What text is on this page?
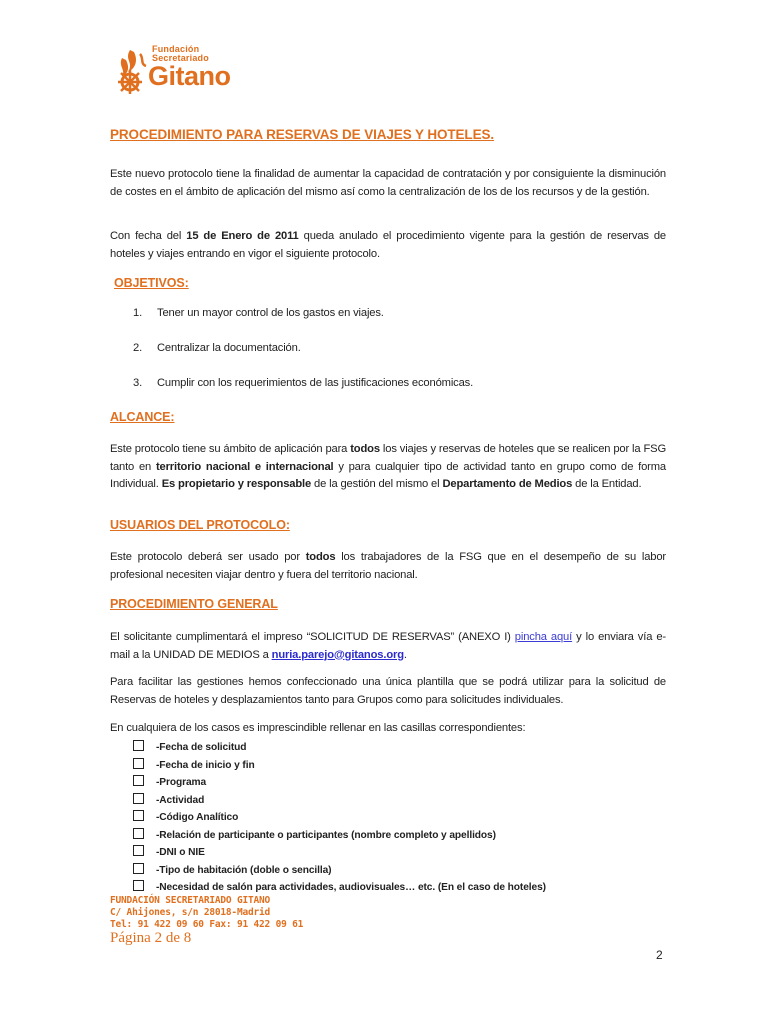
Fundación
Secretariado
Gitano
PROCEDIMIENTO PARA RESERVAS DE VIAJES Y HOTELES.

Este nuevo protocolo tiene la finalidad de aumentar la capacidad de contratación y por consiguiente la disminución de costes en el ámbito de aplicación del mismo así como la centralización de los de los recursos y de la gestión.

Con fecha del 15 de Enero de 2011 queda anulado el procedimiento vigente para la gestión de reservas de hoteles y viajes entrando en vigor el siguiente protocolo.

OBJETIVOS:
1. Tener un mayor control de los gastos en viajes.
2. Centralizar la documentación.
3. Cumplir con los requerimientos de las justificaciones económicas.
ALCANCE:

Este protocolo tiene su ámbito de aplicación para todos los viajes y reservas de hoteles que se realicen por la FSG tanto en territorio nacional e internacional y para cualquier tipo de actividad tanto en grupo como de forma Individual. Es propietario y responsable de la gestión del mismo el Departamento de Medios de la Entidad.

USUARIOS DEL PROTOCOLO:

Este protocolo deberá ser usado por todos los trabajadores de la FSG que en el desempeño de su labor profesional necesiten viajar dentro y fuera del territorio nacional.

PROCEDIMIENTO GENERAL

El solicitante cumplimentará el impreso “SOLICITUD DE RESERVAS” (ANEXO I) pincha aquí y lo enviara vía e-mail a la UNIDAD DE MEDIOS a nuria.parejo@gitanos.org.

Para facilitar las gestiones hemos confeccionado una única plantilla que se podrá utilizar para la solicitud de Reservas de hoteles y desplazamientos tanto para Grupos como para solicitudes individuales.

En cualquiera de los casos es imprescindible rellenar en las casillas correspondientes:

-Fecha de solicitud
-Fecha de inicio y fin
-Programa
-Actividad
-Código Analítico
-Relación de participante o participantes (nombre completo y apellidos)
-DNI o NIE
-Tipo de habitación (doble o sencilla)
-Necesidad de salón para actividades, audiovisuales… etc. (En el caso de hoteles)
FUNDACIÓN SECRETARIADO GITANO
C/ Ahijones, s/n 28018-Madrid
Tel: 91 422 09 60 Fax: 91 422 09 61
Página 2 de 8
2
